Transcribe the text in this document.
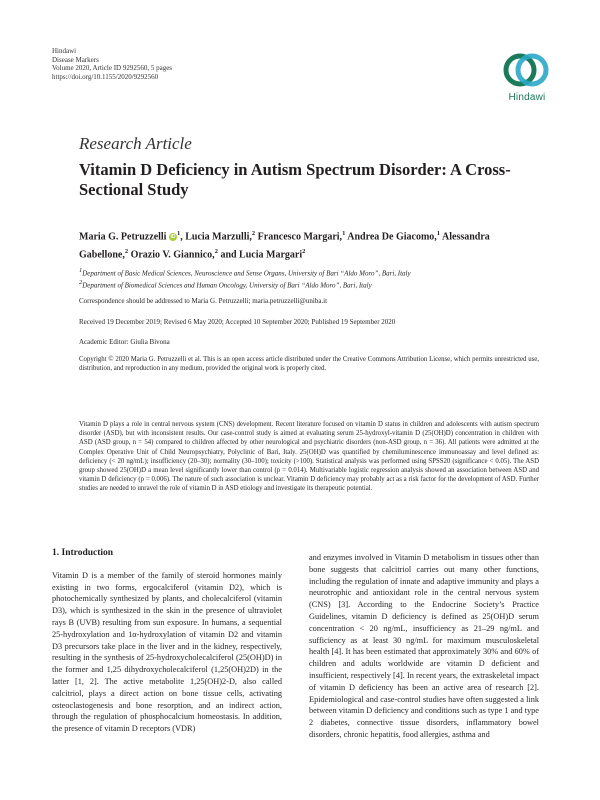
Hindawi
Disease Markers
Volume 2020, Article ID 9292560, 5 pages
https://doi.org/10.1155/2020/9292560
Hindawi
Research Article
Vitamin D Deficiency in Autism Spectrum Disorder: A Cross-Sectional Study
Maria G. Petruzzelli $iD^1$, Lucia Marzulli,$^2$ Francesco Margari,$^1$ Andrea De Giacomo,$^1$ Alessandra Gabellone,$^2$ Orazio V. Giannico,$^2$ and Lucia Margari$^2$
$^1$Department of Basic Medical Sciences, Neuroscience and Sense Organs, University of Bari “Aldo Moro”, Bari, Italy
$^2$Department of Biomedical Sciences and Human Oncology, University of Bari “Aldo Moro”, Bari, Italy
Correspondence should be addressed to Maria G. Petruzzelli; maria.petruzzelli@uniba.it
Received 19 December 2019; Revised 6 May 2020; Accepted 10 September 2020; Published 19 September 2020
Academic Editor: Giulia Bivona
Copyright © 2020 Maria G. Petruzzelli et al. This is an open access article distributed under the Creative Commons Attribution License, which permits unrestricted use, distribution, and reproduction in any medium, provided the original work is properly cited.
Vitamin D plays a role in central nervous system (CNS) development. Recent literature focused on vitamin D status in children and adolescents with autism spectrum disorder (ASD), but with inconsistent results. Our case-control study is aimed at evaluating serum 25-hydroxyl-vitamin D (25(OH)D) concentration in children with ASD (ASD group, n = 54) compared to children affected by other neurological and psychiatric disorders (non-ASD group, n = 36). All patients were admitted at the Complex Operative Unit of Child Neuropsychiatry, Polyclinic of Bari, Italy. 25(OH)D was quantified by chemiluminescence immunoassay and level defined as: deficiency (< 20 ng/mL); insufficiency (20–30); normality (30–100); toxicity (>100). Statistical analysis was performed using SPSS20 (significance < 0.05). The ASD group showed 25(OH)D a mean level significantly lower than control (p = 0.014). Multivariable logistic regression analysis showed an association between ASD and vitamin D deficiency (p = 0.006). The nature of such association is unclear. Vitamin D deficiency may probably act as a risk factor for the development of ASD. Further studies are needed to unravel the role of vitamin D in ASD etiology and investigate its therapeutic potential.
1. Introduction

Vitamin D is a member of the family of steroid hormones mainly existing in two forms, ergocalciferol (vitamin D2), which is photochemically synthesized by plants, and cholecalciferol (vitamin D3), which is synthesized in the skin in the presence of ultraviolet rays B (UVB) resulting from sun exposure. In humans, a sequential 25-hydroxylation and 1α-hydroxylation of vitamin D2 and vitamin D3 precursors take place in the liver and in the kidney, respectively, resulting in the synthesis of 25-hydroxycholecalciferol (25(OH)D) in the former and 1,25 dihydroxycholecalciferol (1,25(OH)2D) in the latter [1, 2]. The active metabolite 1,25(OH)2-D, also called calcitriol, plays a direct action on bone tissue cells, activating osteoclastogenesis and bone resorption, and an indirect action, through the regulation of phosphocalcium homeostasis. In addition, the presence of vitamin D receptors (VDR)

and enzymes involved in Vitamin D metabolism in tissues other than bone suggests that calcitriol carries out many other functions, including the regulation of innate and adaptive immunity and plays a neurotrophic and antioxidant role in the central nervous system (CNS) [3]. According to the Endocrine Society’s Practice Guidelines, vitamin D deficiency is defined as 25(OH)D serum concentration < 20 ng/mL, insufficiency as 21–29 ng/mL and sufficiency as at least 30 ng/mL for maximum musculoskeletal health [4]. It has been estimated that approximately 30% and 60% of children and adults worldwide are vitamin D deficient and insufficient, respectively [4]. In recent years, the extraskeletal impact of vitamin D deficiency has been an active area of research [2]. Epidemiological and case-control studies have often suggested a link between vitamin D deficiency and conditions such as type 1 and type 2 diabetes, connective tissue disorders, inflammatory bowel disorders, chronic hepatitis, food allergies, asthma and
